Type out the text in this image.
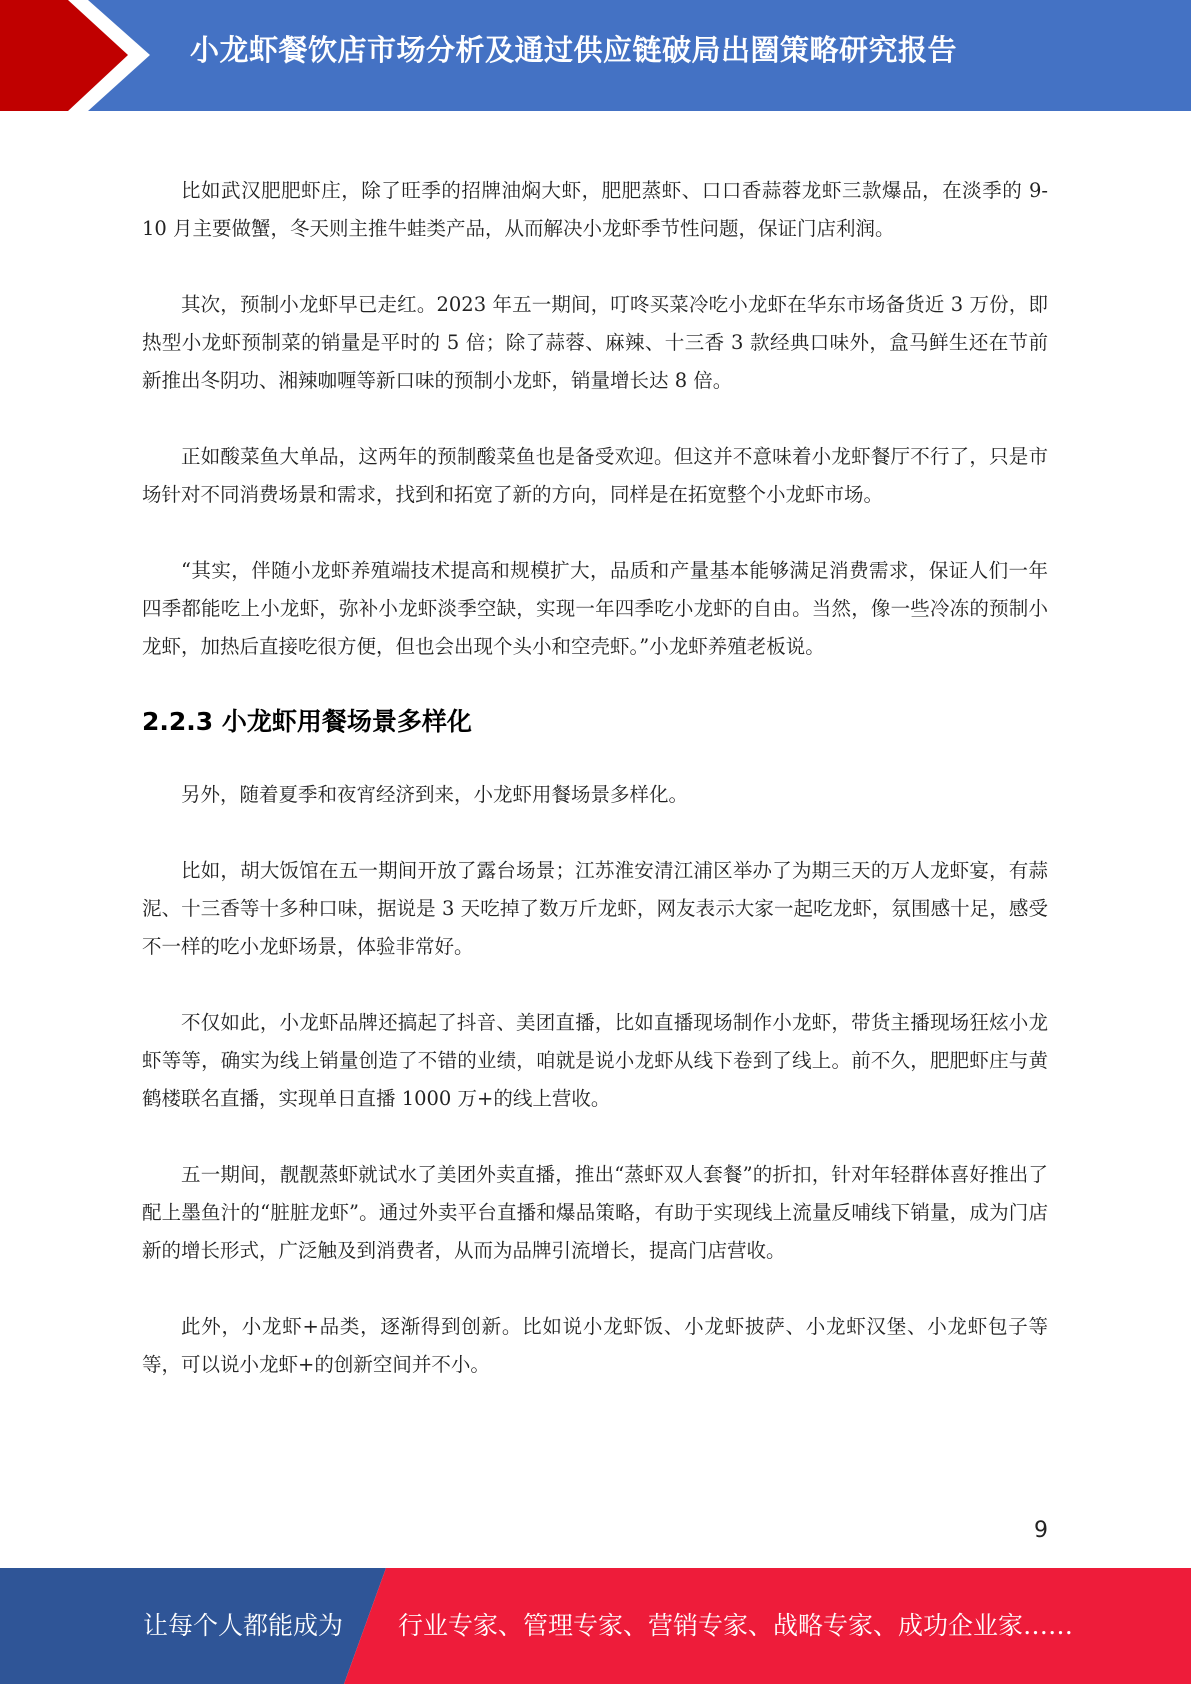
小龙虾餐饮店市场分析及通过供应链破局出圈策略研究报告

比如武汉肥肥虾庄，除了旺季的招牌油焖大虾，肥肥蒸虾、口口香蒜蓉龙虾三款爆品，在淡季的 9-10 月主要做蟹，冬天则主推牛蛙类产品，从而解决小龙虾季节性问题，保证门店利润。

其次，预制小龙虾早已走红。2023 年五一期间，叮咚买菜冷吃小龙虾在华东市场备货近 3 万份，即热型小龙虾预制菜的销量是平时的 5 倍；除了蒜蓉、麻辣、十三香 3 款经典口味外，盒马鲜生还在节前新推出冬阴功、湘辣咖喱等新口味的预制小龙虾，销量增长达 8 倍。

正如酸菜鱼大单品，这两年的预制酸菜鱼也是备受欢迎。但这并不意味着小龙虾餐厅不行了，只是市场针对不同消费场景和需求，找到和拓宽了新的方向，同样是在拓宽整个小龙虾市场。

“其实，伴随小龙虾养殖端技术提高和规模扩大，品质和产量基本能够满足消费需求，保证人们一年四季都能吃上小龙虾，弥补小龙虾淡季空缺，实现一年四季吃小龙虾的自由。当然，像一些冷冻的预制小龙虾，加热后直接吃很方便，但也会出现个头小和空壳虾。”小龙虾养殖老板说。

2.2.3 小龙虾用餐场景多样化

另外，随着夏季和夜宵经济到来，小龙虾用餐场景多样化。

比如，胡大饭馆在五一期间开放了露台场景；江苏淮安清江浦区举办了为期三天的万人龙虾宴，有蒜泥、十三香等十多种口味，据说是 3 天吃掉了数万斤龙虾，网友表示大家一起吃龙虾，氛围感十足，感受不一样的吃小龙虾场景，体验非常好。

不仅如此，小龙虾品牌还搞起了抖音、美团直播，比如直播现场制作小龙虾，带货主播现场狂炫小龙虾等等，确实为线上销量创造了不错的业绩，咱就是说小龙虾从线下卷到了线上。前不久，肥肥虾庄与黄鹤楼联名直播，实现单日直播 1000 万+的线上营收。

五一期间，靓靓蒸虾就试水了美团外卖直播，推出“蒸虾双人套餐”的折扣，针对年轻群体喜好推出了配上墨鱼汁的“脏脏龙虾”。通过外卖平台直播和爆品策略，有助于实现线上流量反哺线下销量，成为门店新的增长形式，广泛触及到消费者，从而为品牌引流增长，提高门店营收。

此外，小龙虾+品类，逐渐得到创新。比如说小龙虾饭、小龙虾披萨、小龙虾汉堡、小龙虾包子等等，可以说小龙虾+的创新空间并不小。

9
让每个人都能成为 行业专家、管理专家、营销专家、战略专家、成功企业家……
